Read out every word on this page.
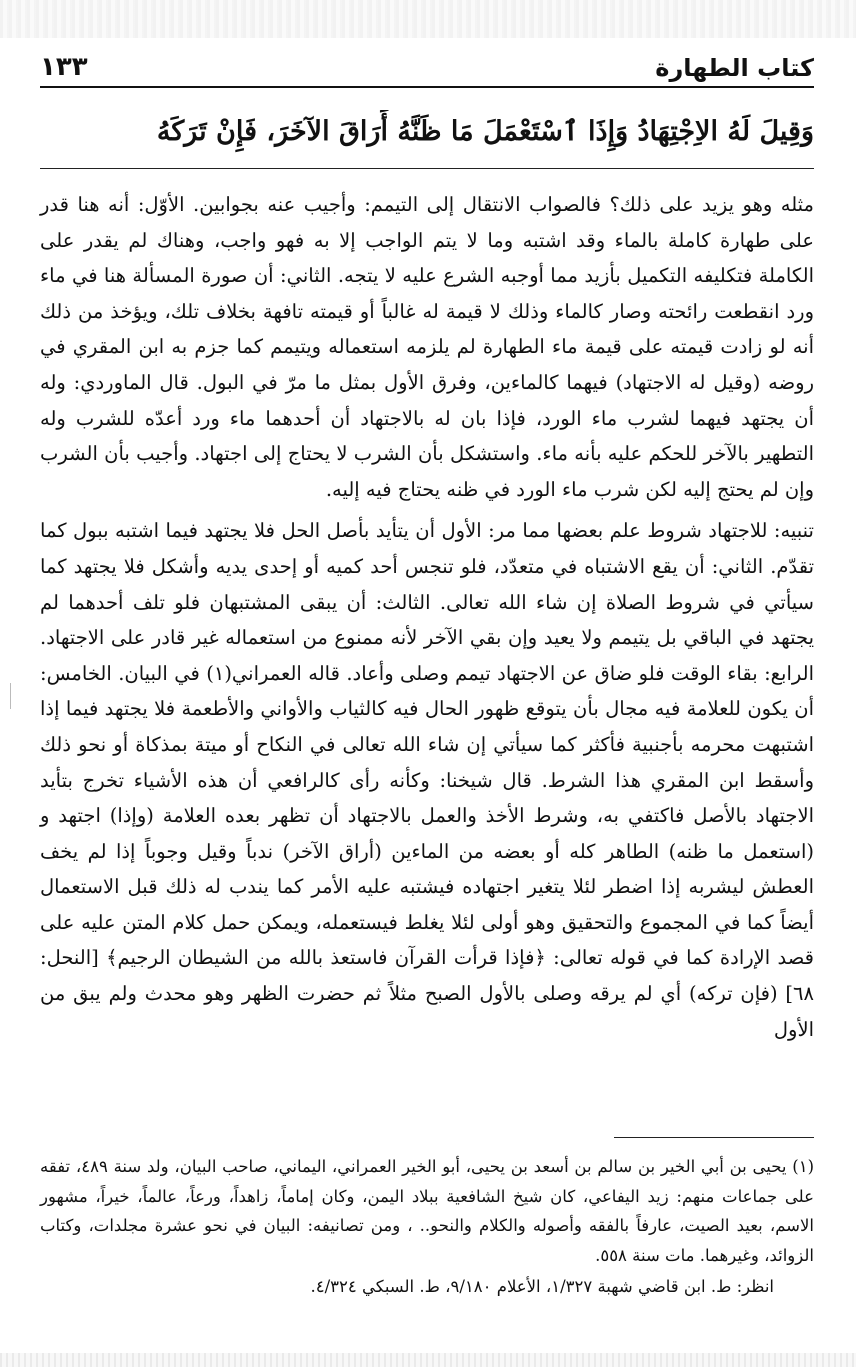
كتاب الطهارة
١٣٣
وَقِيلَ لَهُ الاِجْتِهَادُ وَإِذَا ٱسْتَعْمَلَ مَا ظَنَّهُ أَرَاقَ الآخَرَ، فَإِنْ تَرَكَهُ

مثله وهو يزيد على ذلك؟ فالصواب الانتقال إلى التيمم: وأجيب عنه بجوابين. الأوّل: أنه هنا قدر على طهارة كاملة بالماء وقد اشتبه وما لا يتم الواجب إلا به فهو واجب، وهناك لم يقدر على الكاملة فتكليفه التكميل بأزيد مما أوجبه الشرع عليه لا يتجه. الثاني: أن صورة المسألة هنا في ماء ورد انقطعت رائحته وصار كالماء وذلك لا قيمة له غالباً أو قيمته تافهة بخلاف تلك، ويؤخذ من ذلك أنه لو زادت قيمته على قيمة ماء الطهارة لم يلزمه استعماله ويتيمم كما جزم به ابن المقري في روضه (وقيل له الاجتهاد) فيهما كالماءين، وفرق الأول بمثل ما مرّ في البول. قال الماوردي: وله أن يجتهد فيهما لشرب ماء الورد، فإذا بان له بالاجتهاد أن أحدهما ماء ورد أعدّه للشرب وله التطهير بالآخر للحكم عليه بأنه ماء. واستشكل بأن الشرب لا يحتاج إلى اجتهاد. وأجيب بأن الشرب وإن لم يحتج إليه لكن شرب ماء الورد في ظنه يحتاج فيه إليه.

تنبيه: للاجتهاد شروط علم بعضها مما مر: الأول أن يتأيد بأصل الحل فلا يجتهد فيما اشتبه ببول كما تقدّم. الثاني: أن يقع الاشتباه في متعدّد، فلو تنجس أحد كميه أو إحدى يديه وأشكل فلا يجتهد كما سيأتي في شروط الصلاة إن شاء الله تعالى. الثالث: أن يبقى المشتبهان فلو تلف أحدهما لم يجتهد في الباقي بل يتيمم ولا يعيد وإن بقي الآخر لأنه ممنوع من استعماله غير قادر على الاجتهاد. الرابع: بقاء الوقت فلو ضاق عن الاجتهاد تيمم وصلى وأعاد. قاله العمراني(١) في البيان. الخامس: أن يكون للعلامة فيه مجال بأن يتوقع ظهور الحال فيه كالثياب والأواني والأطعمة فلا يجتهد فيما إذا اشتبهت محرمه بأجنبية فأكثر كما سيأتي إن شاء الله تعالى في النكاح أو ميتة بمذكاة أو نحو ذلك وأسقط ابن المقري هذا الشرط. قال شيخنا: وكأنه رأى كالرافعي أن هذه الأشياء تخرج بتأيد الاجتهاد بالأصل فاكتفي به، وشرط الأخذ والعمل بالاجتهاد أن تظهر بعده العلامة (وإذا) اجتهد و (استعمل ما ظنه) الطاهر كله أو بعضه من الماءين (أراق الآخر) ندباً وقيل وجوباً إذا لم يخف العطش ليشربه إذا اضطر لئلا يتغير اجتهاده فيشتبه عليه الأمر كما يندب له ذلك قبل الاستعمال أيضاً كما في المجموع والتحقيق وهو أولى لئلا يغلط فيستعمله، ويمكن حمل كلام المتن عليه على قصد الإرادة كما في قوله تعالى: ﴿فإذا قرأت القرآن فاستعذ بالله من الشيطان الرجيم﴾ [النحل: ٦٨] (فإن تركه) أي لم يرقه وصلى بالأول الصبح مثلاً ثم حضرت الظهر وهو محدث ولم يبق من الأول

(١) يحيى بن أبي الخير بن سالم بن أسعد بن يحيى، أبو الخير العمراني، اليماني، صاحب البيان، ولد سنة ٤٨٩، تفقه على جماعات منهم: زيد اليفاعي، كان شيخ الشافعية ببلاد اليمن، وكان إماماً، زاهداً، ورعاً، عالماً، خيراً، مشهور الاسم، بعيد الصيت، عارفاً بالفقه وأصوله والكلام والنحو.. ، ومن تصانيفه: البيان في نحو عشرة مجلدات، وكتاب الزوائد، وغيرهما. مات سنة ٥٥٨.
انظر: ط. ابن قاضي شهبة ١/٣٢٧، الأعلام ٩/١٨٠، ط. السبكي ٤/٣٢٤.
